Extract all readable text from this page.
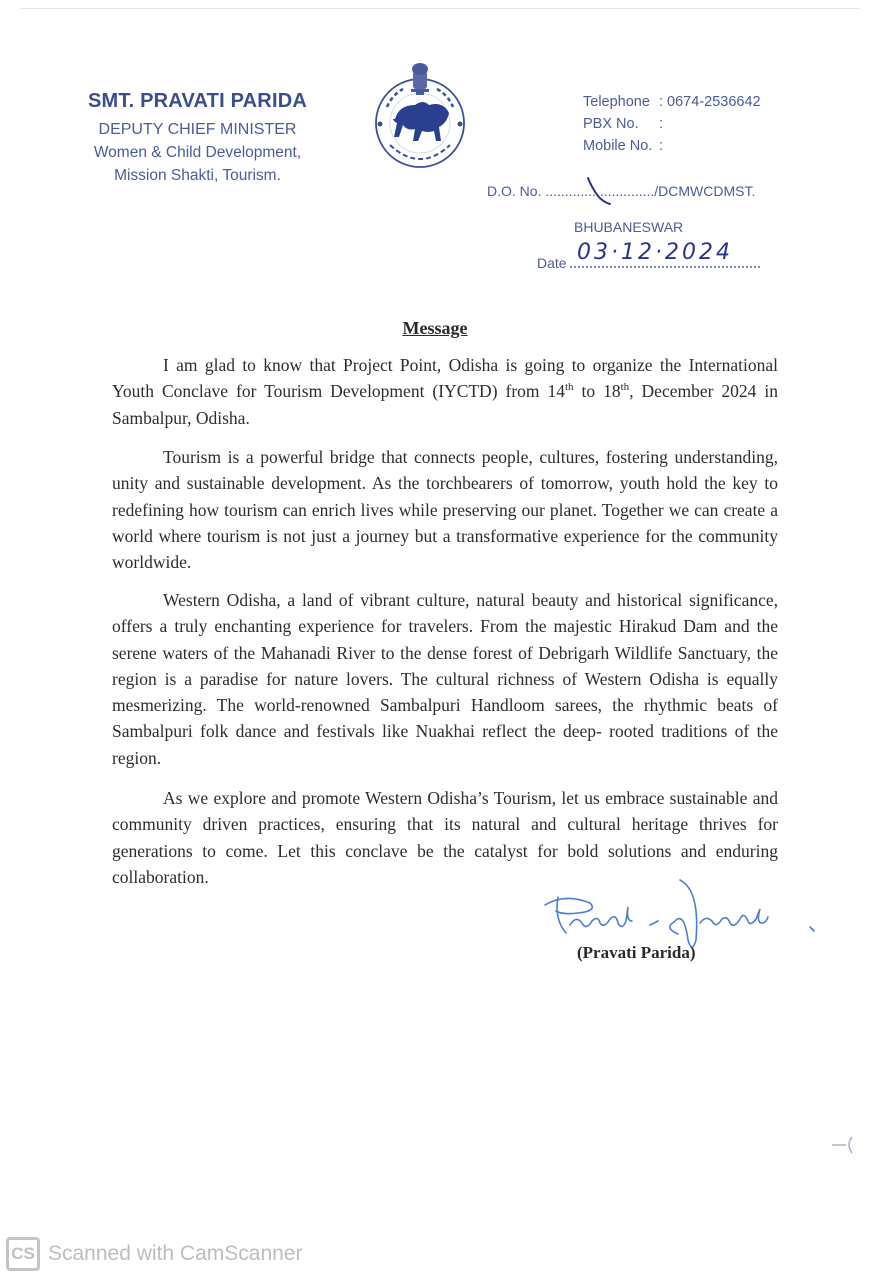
SMT. PRAVATI PARIDA
DEPUTY CHIEF MINISTER
Women & Child Development,
Mission Shakti, Tourism.
Telephone : 0674-2536642
PBX No.	:
Mobile No. :
D.O. No. ............................/DCMWCDMST.
BHUBANESWAR
Date 03·12·2024
Message

I am glad to know that Project Point, Odisha is going to organize the International Youth Conclave for Tourism Development (IYCTD) from 14th to 18th, December 2024 in Sambalpur, Odisha.

Tourism is a powerful bridge that connects people, cultures, fostering understanding, unity and sustainable development. As the torchbearers of tomorrow, youth hold the key to redefining how tourism can enrich lives while preserving our planet. Together we can create a world where tourism is not just a journey but a transformative experience for the community worldwide.

Western Odisha, a land of vibrant culture, natural beauty and historical significance, offers a truly enchanting experience for travelers. From the majestic Hirakud Dam and the serene waters of the Mahanadi River to the dense forest of Debrigarh Wildlife Sanctuary, the region is a paradise for nature lovers. The cultural richness of Western Odisha is equally mesmerizing. The world-renowned Sambalpuri Handloom sarees, the rhythmic beats of Sambalpuri folk dance and festivals like Nuakhai reflect the deep- rooted traditions of the region.

As we explore and promote Western Odisha’s Tourism, let us embrace sustainable and community driven practices, ensuring that its natural and cultural heritage thrives for generations to come. Let this conclave be the catalyst for bold solutions and enduring collaboration.

(Pravati Parida)
CS Scanned with CamScanner
